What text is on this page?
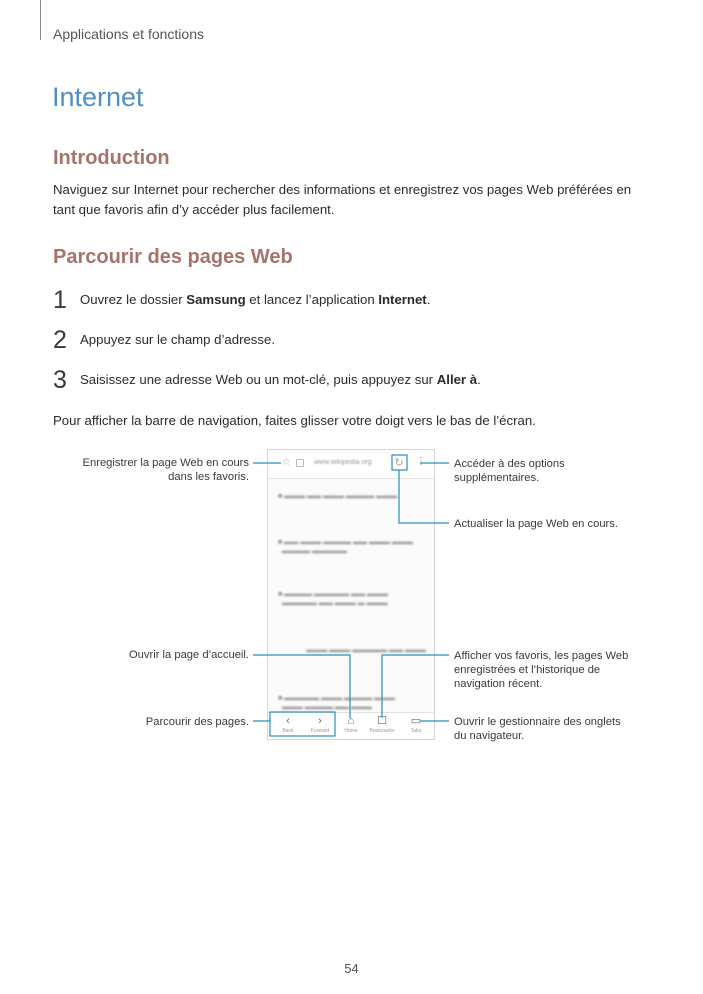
Applications et fonctions
Internet
Introduction

Naviguez sur Internet pour rechercher des informations et enregistrez vos pages Web préférées en
tant que favoris afin d’y accéder plus facilement.

Parcourir des pages Web
1 Ouvrez le dossier Samsung et lancez l’application Internet.
2 Appuyez sur le champ d’adresse.
3 Saisissez une adresse Web ou un mot-clé, puis appuyez sur Aller à.

Pour afficher la barre de navigation, faites glisser votre doigt vers le bas de l’écran.

☆	www.wikipedia.org ↻ ⋮
■ ▬▬▬ ▬▬ ▬▬▬ ▬▬▬▬ ▬▬▬
■ ▬▬ ▬▬▬ ▬▬▬▬ ▬▬ ▬▬▬ ▬▬▬
▬▬▬▬ ▬▬▬▬▬
■ ▬▬▬▬ ▬▬▬▬▬ ▬▬ ▬▬▬
▬▬▬▬▬ ▬▬ ▬▬▬ ▬ ▬▬▬
▬▬▬ ▬▬▬ ▬▬▬▬▬ ▬▬ ▬▬▬
■ ▬▬▬▬▬ ▬▬▬ ▬▬▬▬ ▬▬▬
▬▬▬ ▬▬▬▬ ▬▬ ▬▬▬
‹
Back
›
Forward
⌂
Home
☐
Bookmarks
▭
Tabs
Enregistrer la page Web en cours
dans les favoris.
Accéder à des options
supplémentaires.
Actualiser la page Web en cours.
Ouvrir la page d’accueil.	Afficher vos favoris, les pages Web
enregistrées et l’historique de
navigation récent.
Parcourir des pages.	Ouvrir le gestionnaire des onglets
du navigateur.
54
